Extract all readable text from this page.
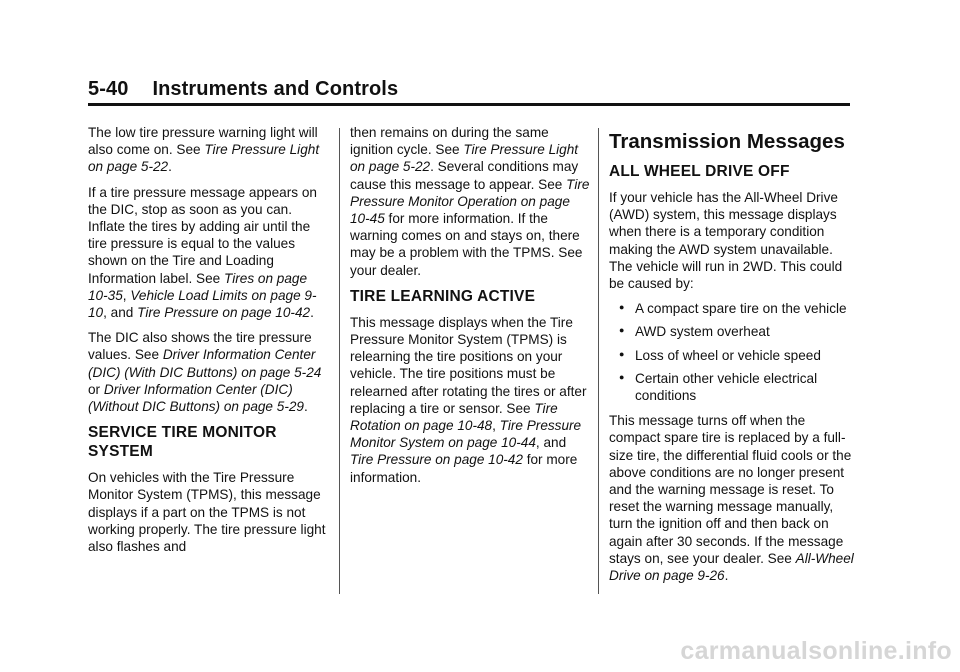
5-40 Instruments and Controls

The low tire pressure warning light will also come on. See Tire Pressure Light on page 5-22.

If a tire pressure message appears on the DIC, stop as soon as you can. Inflate the tires by adding air until the tire pressure is equal to the values shown on the Tire and Loading Information label. See Tires on page 10-35, Vehicle Load Limits on page 9-10, and Tire Pressure on page 10-42.

The DIC also shows the tire pressure values. See Driver Information Center (DIC) (With DIC Buttons) on page 5-24 or Driver Information Center (DIC) (Without DIC Buttons) on page 5-29.

SERVICE TIRE MONITOR SYSTEM

On vehicles with the Tire Pressure Monitor System (TPMS), this message displays if a part on the TPMS is not working properly. The tire pressure light also flashes and

then remains on during the same ignition cycle. See Tire Pressure Light on page 5-22. Several conditions may cause this message to appear. See Tire Pressure Monitor Operation on page 10-45 for more information. If the warning comes on and stays on, there may be a problem with the TPMS. See your dealer.

TIRE LEARNING ACTIVE

This message displays when the Tire Pressure Monitor System (TPMS) is relearning the tire positions on your vehicle. The tire positions must be relearned after rotating the tires or after replacing a tire or sensor. See Tire Rotation on page 10-48, Tire Pressure Monitor System on page 10-44, and Tire Pressure on page 10-42 for more information.

Transmission Messages
ALL WHEEL DRIVE OFF

If your vehicle has the All-Wheel Drive (AWD) system, this message displays when there is a temporary condition making the AWD system unavailable. The vehicle will run in 2WD. This could be caused by:

● A compact spare tire on the vehicle
● AWD system overheat
● Loss of wheel or vehicle speed
● Certain other vehicle electrical conditions

This message turns off when the compact spare tire is replaced by a full-size tire, the differential fluid cools or the above conditions are no longer present and the warning message is reset. To reset the warning message manually, turn the ignition off and then back on again after 30 seconds. If the message stays on, see your dealer. See All-Wheel Drive on page 9-26.

carmanualsonline.info
